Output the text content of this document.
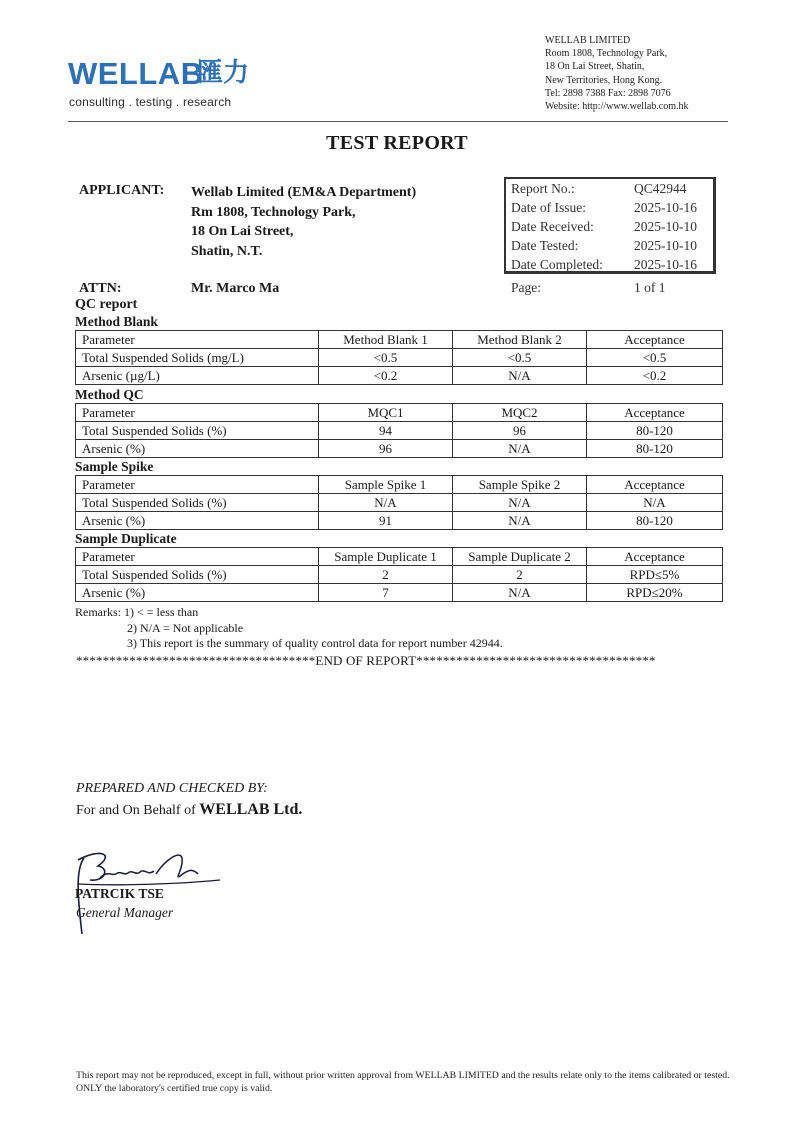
WELLAB
匯力
consulting . testing . research
WELLAB LIMITED
Room 1808, Technology Park,
18 On Lai Street, Shatin,
New Territories, Hong Kong.
Tel: 2898 7388 Fax: 2898 7076
Website: http://www.wellab.com.hk
TEST REPORT
APPLICANT: Wellab Limited (EM&A Department)
Rm 1808, Technology Park,
18 On Lai Street,
Shatin, N.T.
ATTN:	Mr. Marco Ma
Report No.:	QC42944
Date of Issue:	2025-10-16
Date Received:	2025-10-10
Date Tested:	2025-10-10
Date Completed: 2025-10-16
Page:	1 of 1
QC report
Method Blank
Parameter	Method Blank 1	Method Blank 2	Acceptance
Total Suspended Solids (mg/L)	<0.5	<0.5	<0.5
Arsenic (µg/L)	<0.2	N/A	<0.2
Method QC
Parameter	MQC1	MQC2	Acceptance
Total Suspended Solids (%)	94	96	80-120
Arsenic (%)	96	N/A	80-120
Sample Spike
Parameter	Sample Spike 1	Sample Spike 2	Acceptance
Total Suspended Solids (%)	N/A	N/A	N/A
Arsenic (%)	91	N/A	80-120
Sample Duplicate
Parameter	Sample Duplicate 1	Sample Duplicate 2	Acceptance
Total Suspended Solids (%)	2	2	RPD≤5%
Arsenic (%)	7	N/A	RPD≤20%
Remarks: 1) < = less than
2) N/A = Not applicable
3) This report is the summary of quality control data for report number 42944.
************************************END OF REPORT************************************
PREPARED AND CHECKED BY:
For and On Behalf of WELLAB Ltd.
PATRCIK TSE
General Manager
This report may not be reproduced, except in full, without prior written approval from WELLAB LIMITED and the results relate only to the items calibrated or tested. ONLY the laboratory's certified true copy is valid.
